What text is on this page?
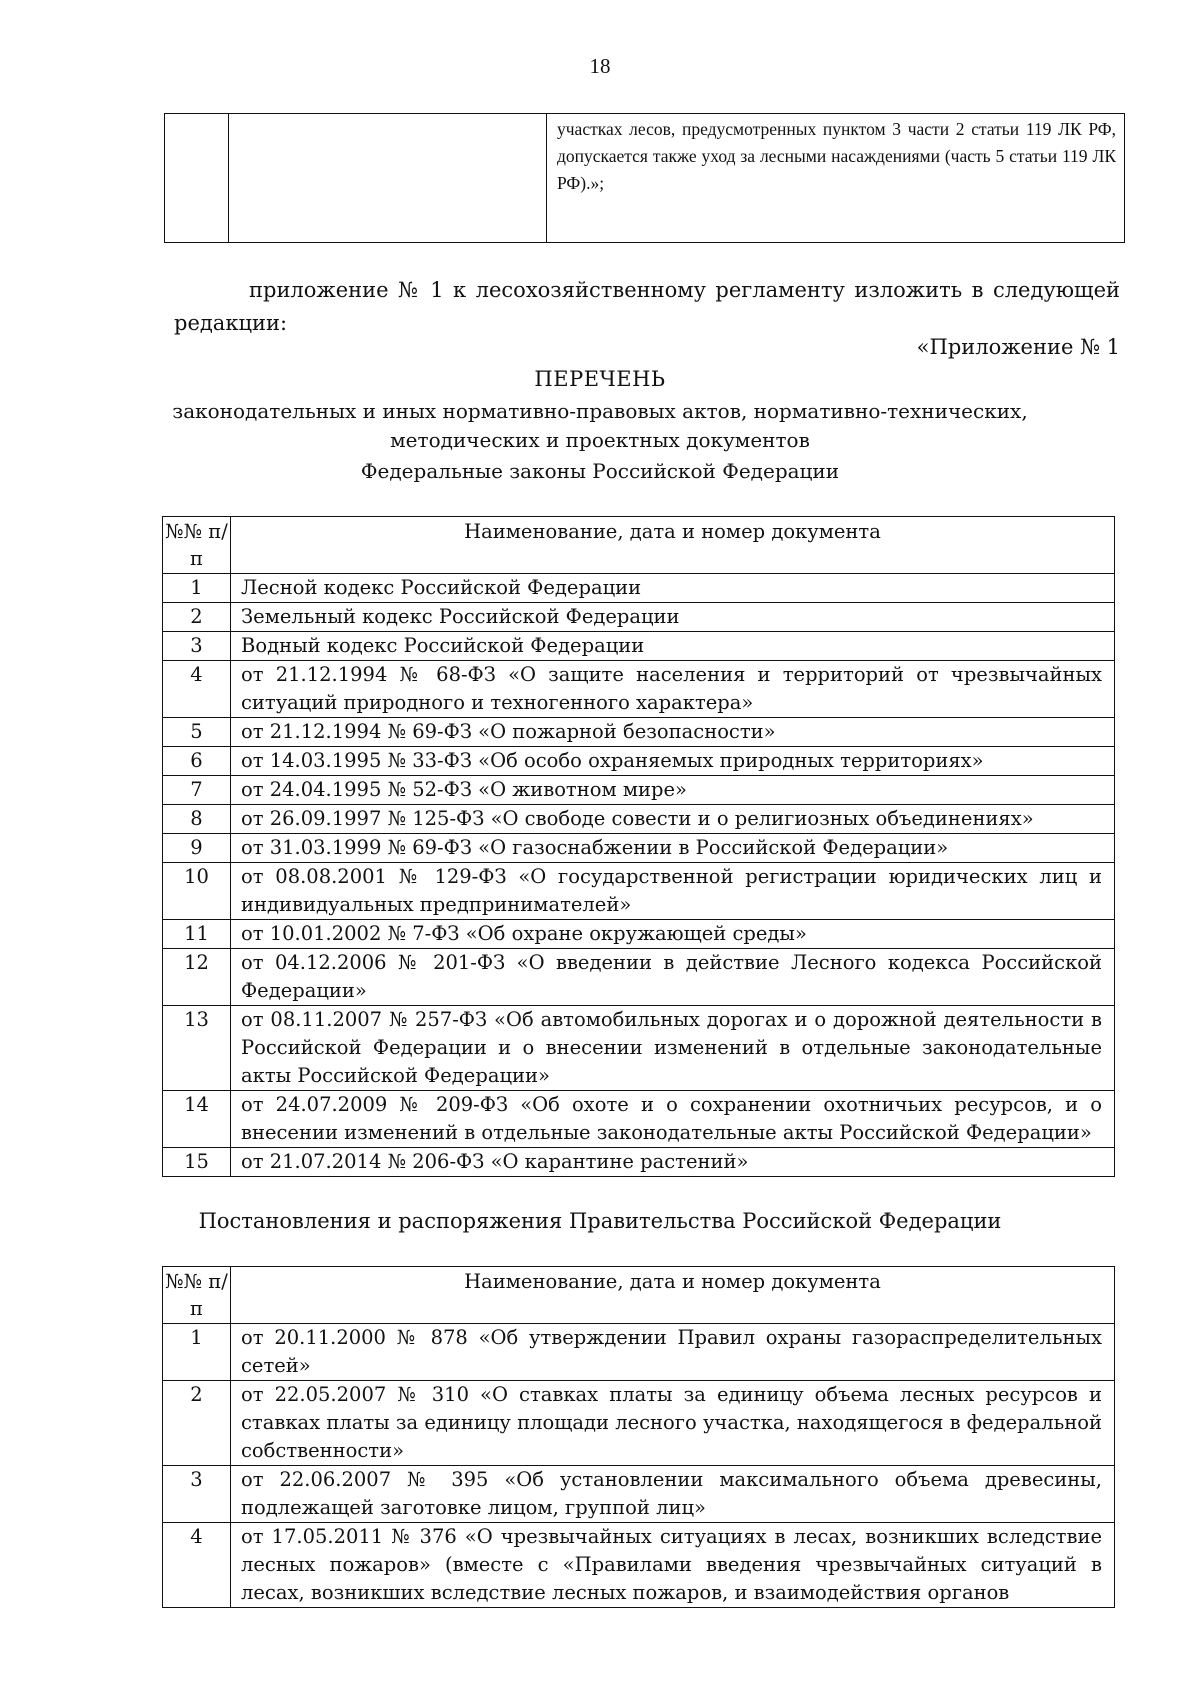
18

участках лесов, предусмотренных пунктом 3 части 2 статьи 119 ЛК РФ, допускается также уход за лесными насаждениями (часть 5 статьи 119 ЛК РФ).»;
приложение № 1 к лесохозяйственному регламенту изложить в следующей редакции:
«Приложение № 1
ПЕРЕЧЕНЬ
законодательных и иных нормативно-правовых актов, нормативно-технических,
методических и проектных документов
Федеральные законы Российской Федерации
№№ п/п	Наименование, дата и номер документа
1	Лесной кодекс Российской Федерации
2	Земельный кодекс Российской Федерации
3	Водный кодекс Российской Федерации
4	от 21.12.1994 № 68-ФЗ «О защите населения и территорий от чрезвычайных ситуаций природного и техногенного характера»
5	от 21.12.1994 № 69-ФЗ «О пожарной безопасности»
6	от 14.03.1995 № 33-ФЗ «Об особо охраняемых природных территориях»
7	от 24.04.1995 № 52-ФЗ «О животном мире»
8	от 26.09.1997 № 125-ФЗ «О свободе совести и о религиозных объединениях»
9	от 31.03.1999 № 69-ФЗ «О газоснабжении в Российской Федерации»
10	от 08.08.2001 № 129-ФЗ «О государственной регистрации юридических лиц и индивидуальных предпринимателей»
11	от 10.01.2002 № 7-ФЗ «Об охране окружающей среды»
12	от 04.12.2006 № 201-ФЗ «О введении в действие Лесного кодекса Российской Федерации»
13	от 08.11.2007 № 257-ФЗ «Об автомобильных дорогах и о дорожной деятельности в Российской Федерации и о внесении изменений в отдельные законодательные акты Российской Федерации»
14	от 24.07.2009 № 209-ФЗ «Об охоте и о сохранении охотничьих ресурсов, и о внесении изменений в отдельные законодательные акты Российской Федерации»
15	от 21.07.2014 № 206-ФЗ «О карантине растений»
Постановления и распоряжения Правительства Российской Федерации
№№ п/п	Наименование, дата и номер документа
1	от 20.11.2000 № 878 «Об утверждении Правил охраны газораспределительных сетей»
2	от 22.05.2007 № 310 «О ставках платы за единицу объема лесных ресурсов и ставках платы за единицу площади лесного участка, находящегося в федеральной собственности»
3	от 22.06.2007 № 395 «Об установлении максимального объема древесины, подлежащей заготовке лицом, группой лиц»
4	от 17.05.2011 № 376 «О чрезвычайных ситуациях в лесах, возникших вследствие лесных пожаров» (вместе с «Правилами введения чрезвычайных ситуаций в лесах, возникших вследствие лесных пожаров, и взаимодействия органов
